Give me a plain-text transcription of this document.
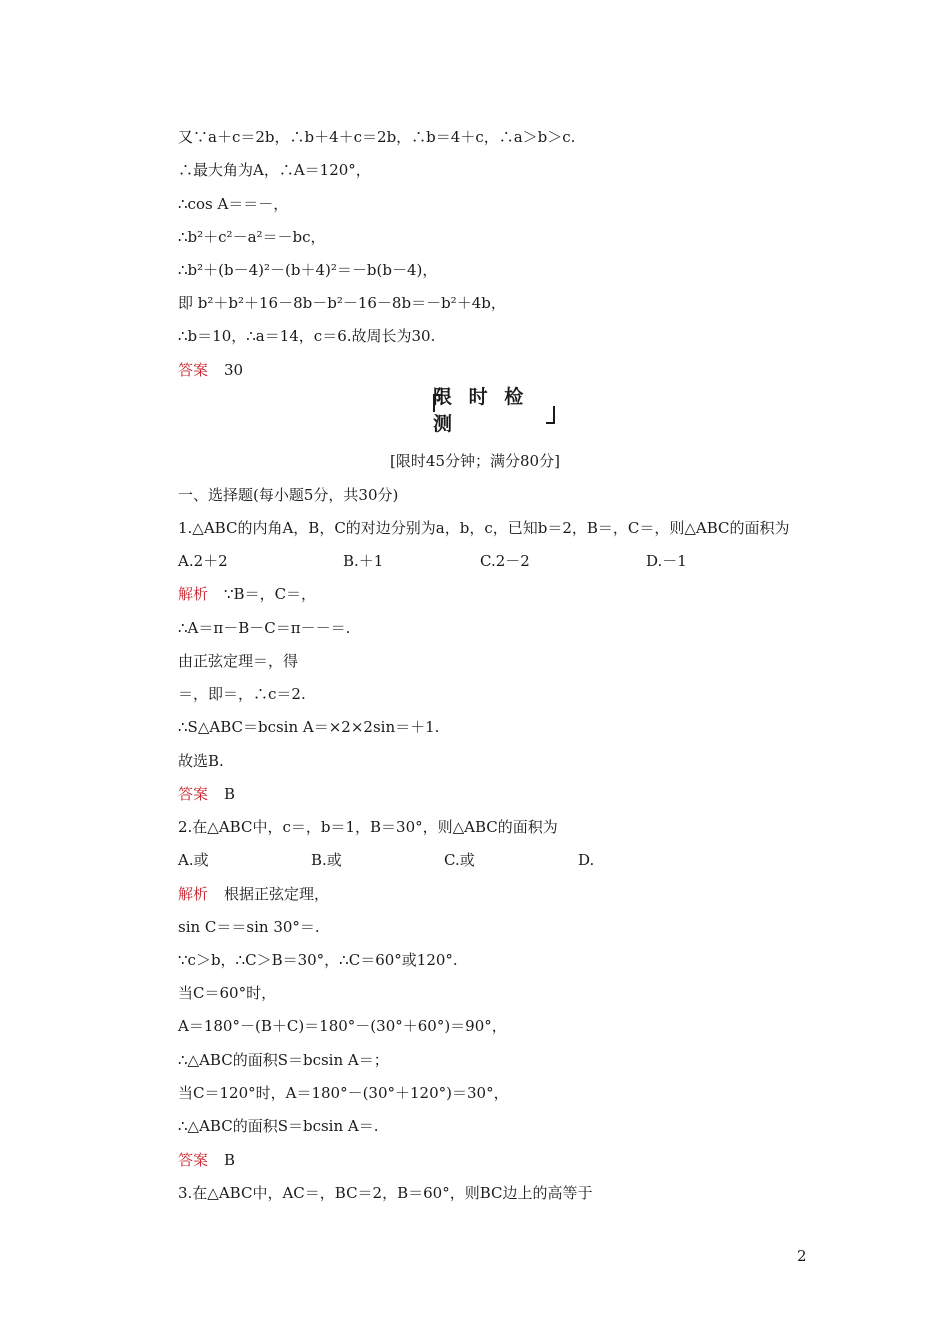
又∵a＋c＝2b，∴b＋4＋c＝2b，∴b＝4＋c，∴a＞b＞c.
∴最大角为A，∴A＝120°，
∴cos A＝＝－，
∴b²＋c²－a²＝－bc，
∴b²＋(b－4)²－(b＋4)²＝－b(b－4)，
即 b²＋b²＋16－8b－b²－16－8b＝－b²＋4b，
∴b＝10，∴a＝14，c＝6.故周长为30.
答案 30
限 时 检 测
[限时45分钟；满分80分]
一、选择题(每小题5分，共30分)
1.△ABC的内角A，B，C的对边分别为a，b，c，已知b＝2，B＝，C＝，则△ABC的面积为
A.2＋2	B.＋1	C.2－2	D.－1
解析 ∵B＝，C＝，
∴A＝π－B－C＝π－－＝.
由正弦定理＝，得
＝，即＝，∴c＝2.
∴S△ABC＝bcsin A＝×2×2sin＝＋1.
故选B.
答案 B
2.在△ABC中，c＝，b＝1，B＝30°，则△ABC的面积为
A.或	B.或	C.或	D.
解析 根据正弦定理，
sin C＝＝sin 30°＝.
∵c＞b，∴C＞B＝30°，∴C＝60°或120°.
当C＝60°时，
A＝180°－(B＋C)＝180°－(30°＋60°)＝90°，
∴△ABC的面积S＝bcsin A＝；
当C＝120°时，A＝180°－(30°＋120°)＝30°，
∴△ABC的面积S＝bcsin A＝.
答案 B
3.在△ABC中，AC＝，BC＝2，B＝60°，则BC边上的高等于
2
